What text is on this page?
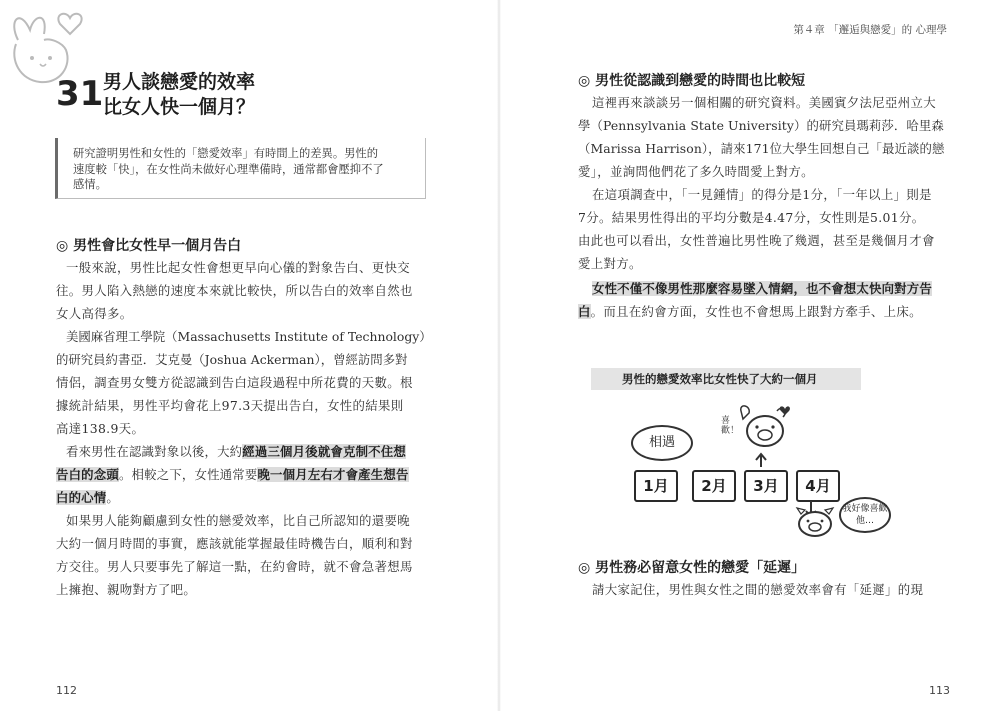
31 男人談戀愛的效率
比女人快一個月？
研究證明男性和女性的「戀愛效率」有時間上的差異。男性的
速度較「快」，在女性尚未做好心理準備時，通常都會壓抑不了
感情。
◎ 男性會比女性早一個月告白
一般來說，男性比起女性會想更早向心儀的對象告白、更快交
往。男人陷入熱戀的速度本來就比較快，所以告白的效率自然也
女人高得多。
美國麻省理工學院（Massachusetts Institute of Technology）
的研究員約書亞．艾克曼（Joshua Ackerman），曾經訪問多對
情侶，調查男女雙方從認識到告白這段過程中所花費的天數。根
據統計結果，男性平均會花上97.3天提出告白，女性的結果則
高達138.9天。
看來男性在認識對象以後，大約經過三個月後就會克制不住想
告白的念頭。相較之下，女性通常要晚一個月左右才會產生想告
白的心情。
如果男人能夠顧慮到女性的戀愛效率，比自己所認知的還要晚
大約一個月時間的事實，應該就能掌握最佳時機告白，順利和對
方交往。男人只要事先了解這一點，在約會時，就不會急著想馬
上擁抱、親吻對方了吧。
112
第４章 「邂逅與戀愛」的 心理學
◎ 男性從認識到戀愛的時間也比較短
這裡再來談談另一個相關的研究資料。美國賓夕法尼亞州立大
學（Pennsylvania State University）的研究員瑪莉莎．哈里森
（Marissa Harrison），請來171位大學生回想自己「最近談的戀
愛」，並詢問他們花了多久時間愛上對方。
在這項調查中，「一見鍾情」的得分是1分，「一年以上」則是
7分。結果男性得出的平均分數是4.47分，女性則是5.01分。
由此也可以看出，女性普遍比男性晚了幾週，甚至是幾個月才會
愛上對方。
女性不僅不像男性那麼容易墜入情網，也不會想太快向對方告
白。而且在約會方面，女性也不會想馬上跟對方牽手、上床。
男性的戀愛效率比女性快了大約一個月
相遇
喜歡！
1月	2月	3月	4月
我好像喜歡他…
◎ 男性務必留意女性的戀愛「延遲」
請大家記住，男性與女性之間的戀愛效率會有「延遲」的現
113
